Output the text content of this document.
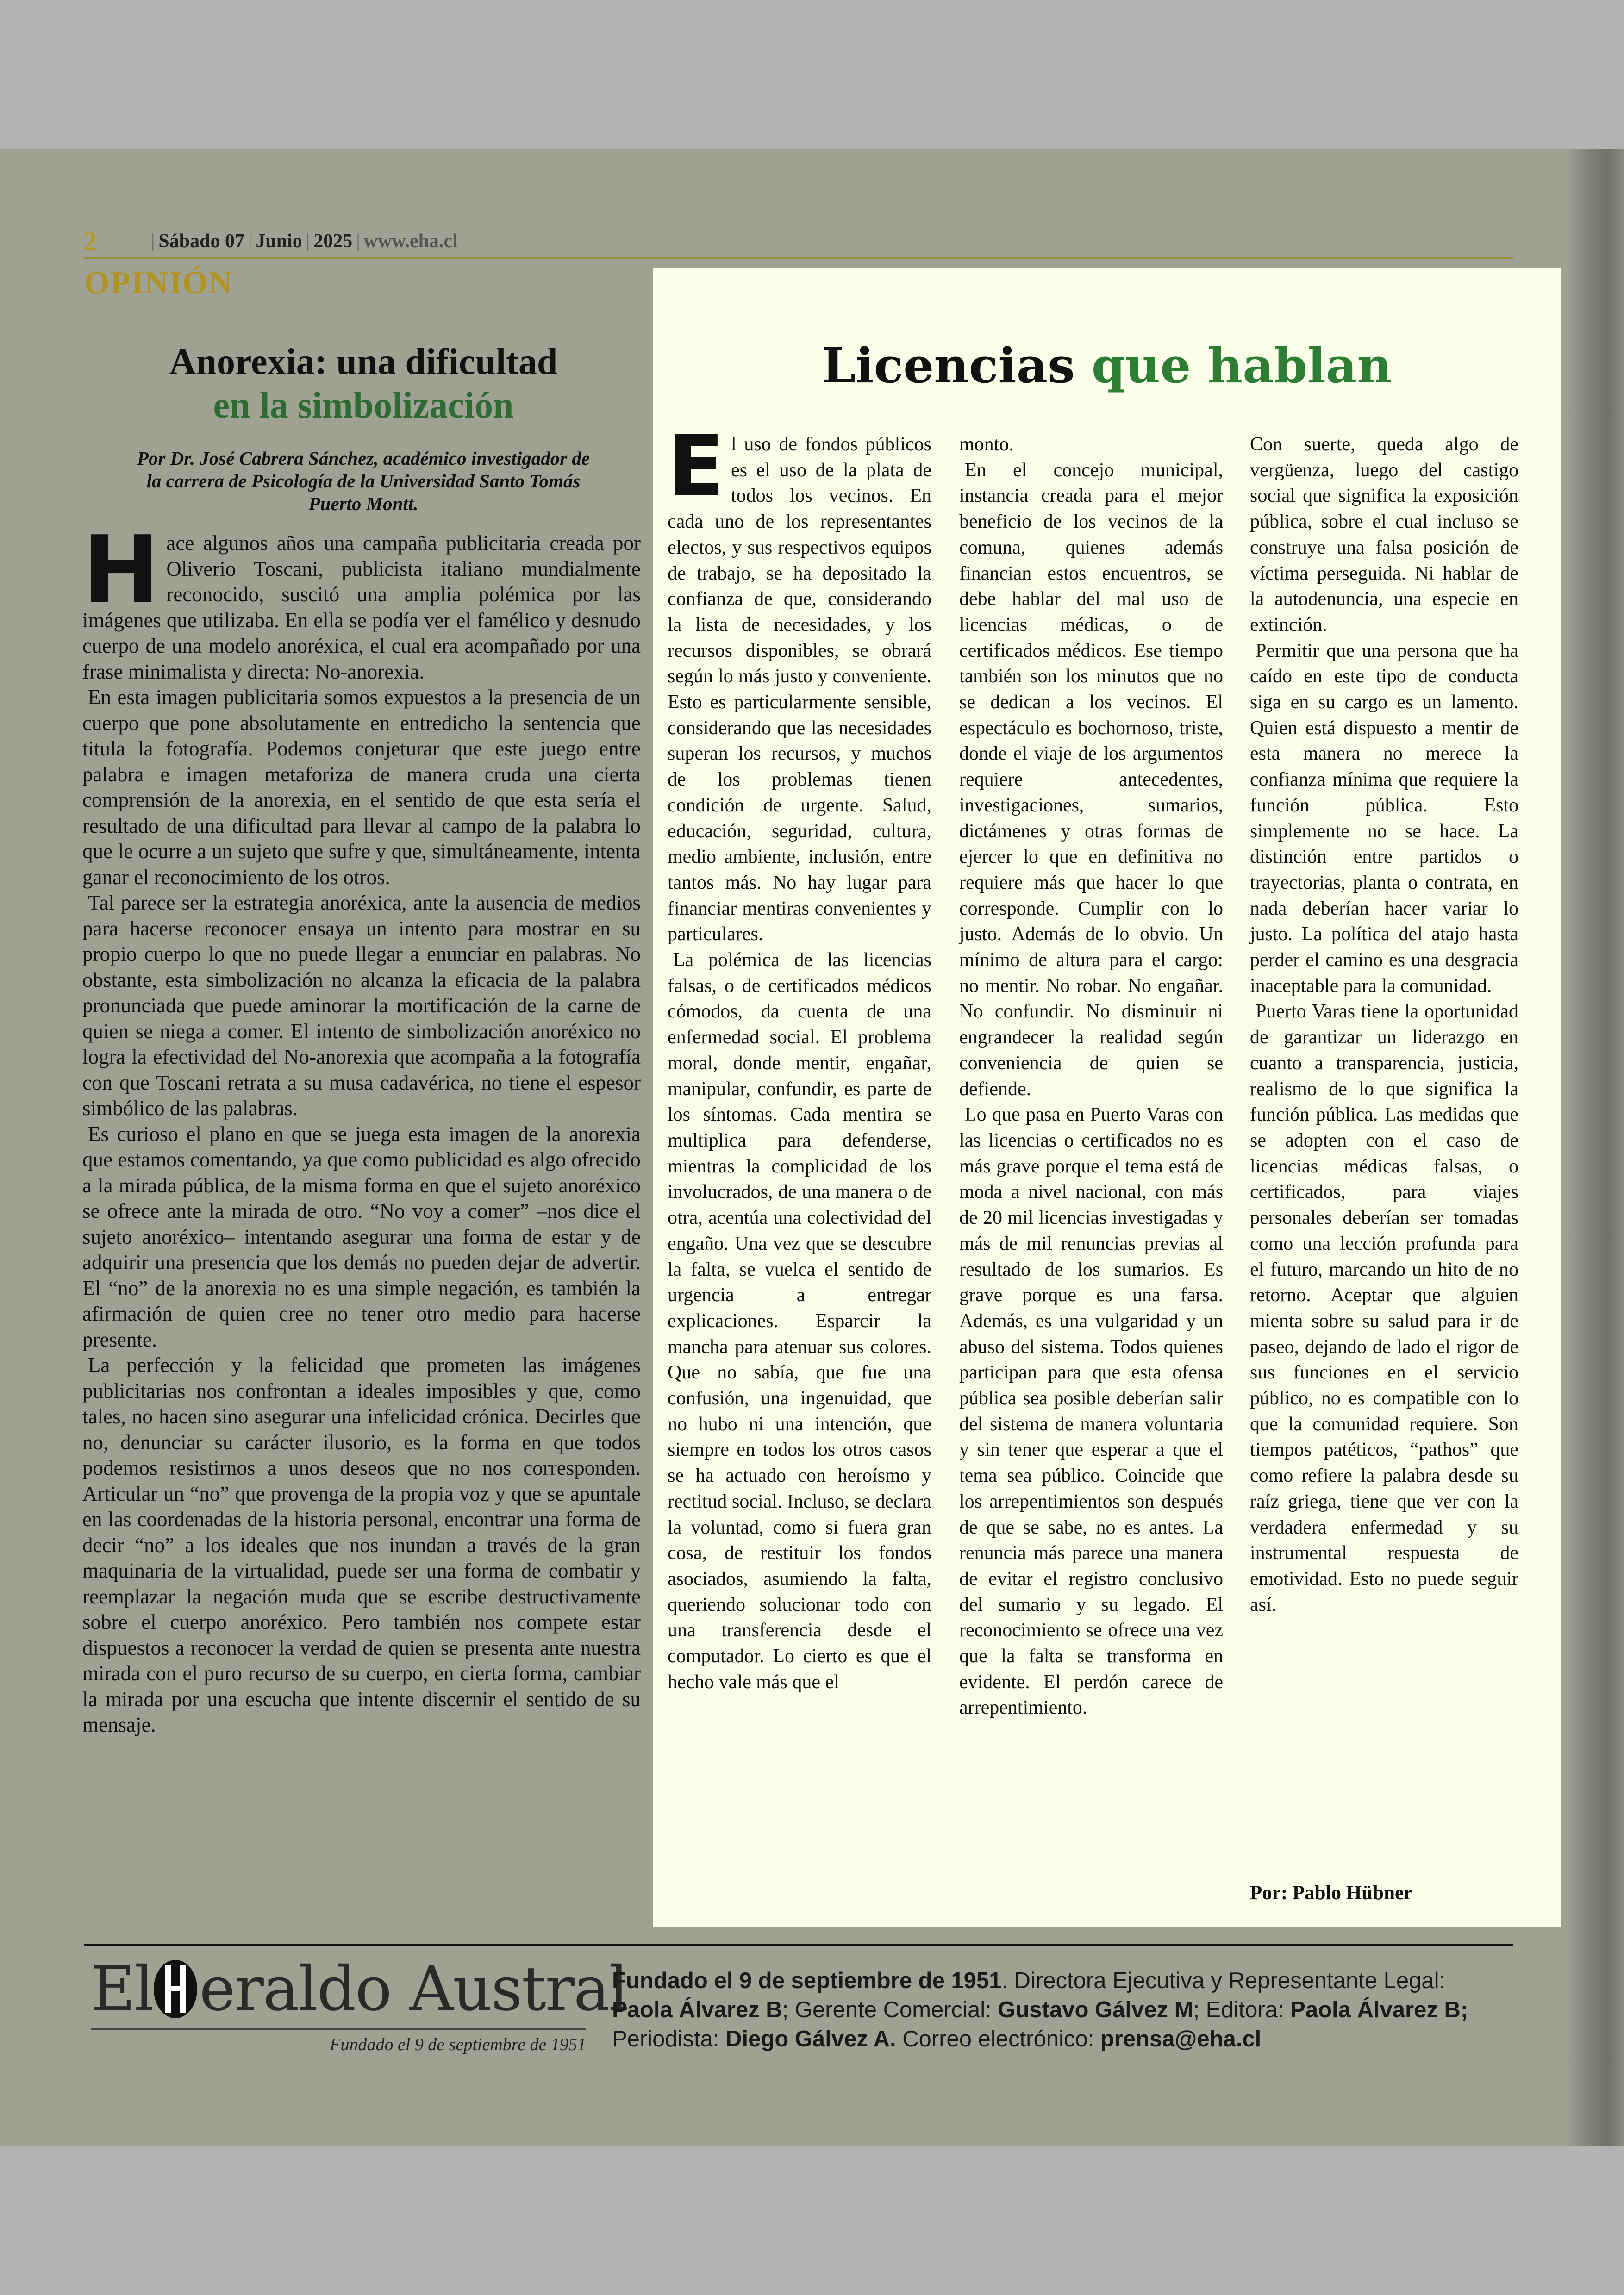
2	| Sábado 07 | Junio | 2025 | www.eha.cl
OPINIÓN
Anorexia: una dificultad
en la simbolización
Por Dr. José Cabrera Sánchez, académico investigador de la carrera de Psicología de la Universidad Santo Tomás Puerto Montt.

Hace algunos años una campaña publicitaria creada por Oliverio Toscani, publicista italiano mundialmente reconocido, suscitó una amplia polémica por las imágenes que utilizaba. En ella se podía ver el famélico y desnudo cuerpo de una modelo anoréxica, el cual era acompañado por una frase minimalista y directa: No-anorexia.

En esta imagen publicitaria somos expuestos a la presencia de un cuerpo que pone absolutamente en entredicho la sentencia que titula la fotografía. Podemos conjeturar que este juego entre palabra e imagen metaforiza de manera cruda una cierta comprensión de la anorexia, en el sentido de que esta sería el resultado de una dificultad para llevar al campo de la palabra lo que le ocurre a un sujeto que sufre y que, simultáneamente, intenta ganar el reconocimiento de los otros.

Tal parece ser la estrategia anoréxica, ante la ausencia de medios para hacerse reconocer ensaya un intento para mostrar en su propio cuerpo lo que no puede llegar a enunciar en palabras. No obstante, esta simbolización no alcanza la eficacia de la palabra pronunciada que puede aminorar la mortificación de la carne de quien se niega a comer. El intento de simbolización anoréxico no logra la efectividad del No-anorexia que acompaña a la fotografía con que Toscani retrata a su musa cadavérica, no tiene el espesor simbólico de las palabras.

Es curioso el plano en que se juega esta imagen de la anorexia que estamos comentando, ya que como publicidad es algo ofrecido a la mirada pública, de la misma forma en que el sujeto anoréxico se ofrece ante la mirada de otro. “No voy a comer” –nos dice el sujeto anoréxico– intentando asegurar una forma de estar y de adquirir una presencia que los demás no pueden dejar de advertir. El “no” de la anorexia no es una simple negación, es también la afirmación de quien cree no tener otro medio para hacerse presente.

La perfección y la felicidad que prometen las imágenes publicitarias nos confrontan a ideales imposibles y que, como tales, no hacen sino asegurar una infelicidad crónica. Decirles que no, denunciar su carácter ilusorio, es la forma en que todos podemos resistirnos a unos deseos que no nos corresponden. Articular un “no” que provenga de la propia voz y que se apuntale en las coordenadas de la historia personal, encontrar una forma de decir “no” a los ideales que nos inundan a través de la gran maquinaria de la virtualidad, puede ser una forma de combatir y reemplazar la negación muda que se escribe destructivamente sobre el cuerpo anoréxico. Pero también nos compete estar dispuestos a reconocer la verdad de quien se presenta ante nuestra mirada con el puro recurso de su cuerpo, en cierta forma, cambiar la mirada por una escucha que intente discernir el sentido de su mensaje.

Licencias que hablan

El uso de fondos públicos es el uso de la plata de todos los vecinos. En cada uno de los representantes electos, y sus respectivos equipos de trabajo, se ha depositado la confianza de que, considerando la lista de necesidades, y los recursos disponibles, se obrará según lo más justo y conveniente. Esto es particularmente sensible, considerando que las necesidades superan los recursos, y muchos de los problemas tienen condición de urgente. Salud, educación, seguridad, cultura, medio ambiente, inclusión, entre tantos más. No hay lugar para financiar mentiras convenientes y particulares.

La polémica de las licencias falsas, o de certificados médicos cómodos, da cuenta de una enfermedad social. El problema moral, donde mentir, engañar, manipular, confundir, es parte de los síntomas. Cada mentira se multiplica para defenderse, mientras la complicidad de los involucrados, de una manera o de otra, acentúa una colectividad del engaño. Una vez que se descubre la falta, se vuelca el sentido de urgencia a entregar explicaciones. Esparcir la mancha para atenuar sus colores. Que no sabía, que fue una confusión, una ingenuidad, que no hubo ni una intención, que siempre en todos los otros casos se ha actuado con heroísmo y rectitud social. Incluso, se declara la voluntad, como si fuera gran cosa, de restituir los fondos asociados, asumiendo la falta, queriendo solucionar todo con una transferencia desde el computador. Lo cierto es que el hecho vale más que el

monto.

En el concejo municipal, instancia creada para el mejor beneficio de los vecinos de la comuna, quienes además financian estos encuentros, se debe hablar del mal uso de licencias médicas, o de certificados médicos. Ese tiempo también son los minutos que no se dedican a los vecinos. El espectáculo es bochornoso, triste, donde el viaje de los argumentos requiere antecedentes, investigaciones, sumarios, dictámenes y otras formas de ejercer lo que en definitiva no requiere más que hacer lo que corresponde. Cumplir con lo justo. Además de lo obvio. Un mínimo de altura para el cargo: no mentir. No robar. No engañar. No confundir. No disminuir ni engrandecer la realidad según conveniencia de quien se defiende.

Lo que pasa en Puerto Varas con las licencias o certificados no es más grave porque el tema está de moda a nivel nacional, con más de 20 mil licencias investigadas y más de mil renuncias previas al resultado de los sumarios. Es grave porque es una farsa. Además, es una vulgaridad y un abuso del sistema. Todos quienes participan para que esta ofensa pública sea posible deberían salir del sistema de manera voluntaria y sin tener que esperar a que el tema sea público. Coincide que los arrepentimientos son después de que se sabe, no es antes. La renuncia más parece una manera de evitar el registro conclusivo del sumario y su legado. El reconocimiento se ofrece una vez que la falta se transforma en evidente. El perdón carece de arrepentimiento.

Con suerte, queda algo de vergüenza, luego del castigo social que significa la exposición pública, sobre el cual incluso se construye una falsa posición de víctima perseguida. Ni hablar de la autodenuncia, una especie en extinción.

Permitir que una persona que ha caído en este tipo de conducta siga en su cargo es un lamento. Quien está dispuesto a mentir de esta manera no merece la confianza mínima que requiere la función pública. Esto simplemente no se hace. La distinción entre partidos o trayectorias, planta o contrata, en nada deberían hacer variar lo justo. La política del atajo hasta perder el camino es una desgracia inaceptable para la comunidad.

Puerto Varas tiene la oportunidad de garantizar un liderazgo en cuanto a transparencia, justicia, realismo de lo que significa la función pública. Las medidas que se adopten con el caso de licencias médicas falsas, o certificados, para viajes personales deberían ser tomadas como una lección profunda para el futuro, marcando un hito de no retorno. Aceptar que alguien mienta sobre su salud para ir de paseo, dejando de lado el rigor de sus funciones en el servicio público, no es compatible con lo que la comunidad requiere. Son tiempos patéticos, “pathos” que como refiere la palabra desde su raíz griega, tiene que ver con la verdadera enfermedad y su instrumental respuesta de emotividad. Esto no puede seguir así.

Por: Pablo Hübner
El eraldo Austral
Fundado el 9 de septiembre de 1951
Fundado el 9 de septiembre de 1951. Directora Ejecutiva y Representante Legal:
Paola Álvarez B; Gerente Comercial: Gustavo Gálvez M; Editora: Paola Álvarez B;
Periodista: Diego Gálvez A. Correo electrónico: prensa@eha.cl
